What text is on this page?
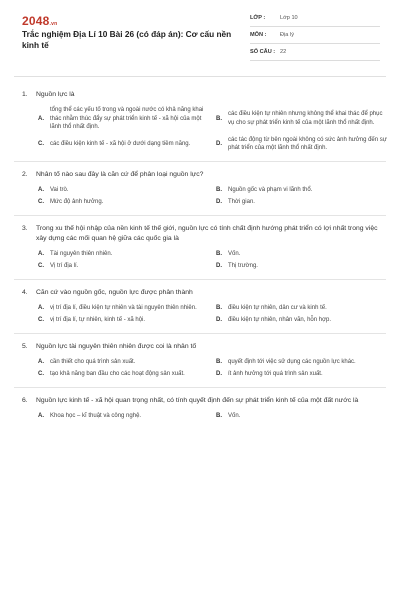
2048.vn
Trắc nghiệm Địa Lí 10 Bài 26 (có đáp án): Cơ cấu nền kinh tế
LỚP :	Lớp 10
MÔN :	Địa lý
SỐ CÂU : 22
1.	Nguồn lực là
A.
tổng thể các yếu tố trong và ngoài nước có khả năng khai thác nhằm thúc đẩy sự phát triển kinh tế - xã hội của một lãnh thổ nhất định.
B.
các điều kiện tự nhiên nhưng không thể khai thác để phục vụ cho sự phát triển kinh tế của một lãnh thổ nhất định.
C.	các điều kiện kinh tế - xã hội ở dưới dạng tiềm năng.	D.
các tác động từ bên ngoài không có sức ảnh hưởng đến sự phát triển của một lãnh thổ nhất định.
2.	Nhân tố nào sau đây là căn cứ để phân loại nguồn lực?
A.	Vai trò.	B.	Nguồn gốc và phạm vi lãnh thổ.
C.	Mức độ ảnh hưởng.	D.	Thời gian.
3.	Trong xu thế hội nhập của nền kinh tế thế giới, nguồn lực có tính chất định hướng phát triển có lợi nhất trong việc xây dựng các mối quan hệ giữa các quốc gia là
A.	Tài nguyên thiên nhiên.	B.	Vốn.
C.	Vị trí địa lí.	D.	Thị trường.
4.	Căn cứ vào nguồn gốc, nguồn lực được phân thành
A.	vị trí địa lí, điều kiện tự nhiên và tài nguyên thiên nhiên.	B.	điều kiện tự nhiên, dân cư và kinh tế.
C.	vị trí địa lí, tự nhiên, kinh tế - xã hội.	D.	điều kiện tự nhiên, nhân văn, hỗn hợp.
5.	Nguồn lực tài nguyên thiên nhiên được coi là nhân tố
A.	cần thiết cho quá trình sản xuất.	B.	quyết định tới việc sử dụng các nguồn lực khác.
C.	tạo khả năng ban đầu cho các hoạt động sản xuất.	D.	ít ảnh hưởng tới quá trình sản xuất.
6.	Nguồn lực kinh tế - xã hội quan trọng nhất, có tính quyết định đến sự phát triển kinh tế của một đất nước là
A.	Khoa học – kĩ thuật và công nghệ.	B.	Vốn.
